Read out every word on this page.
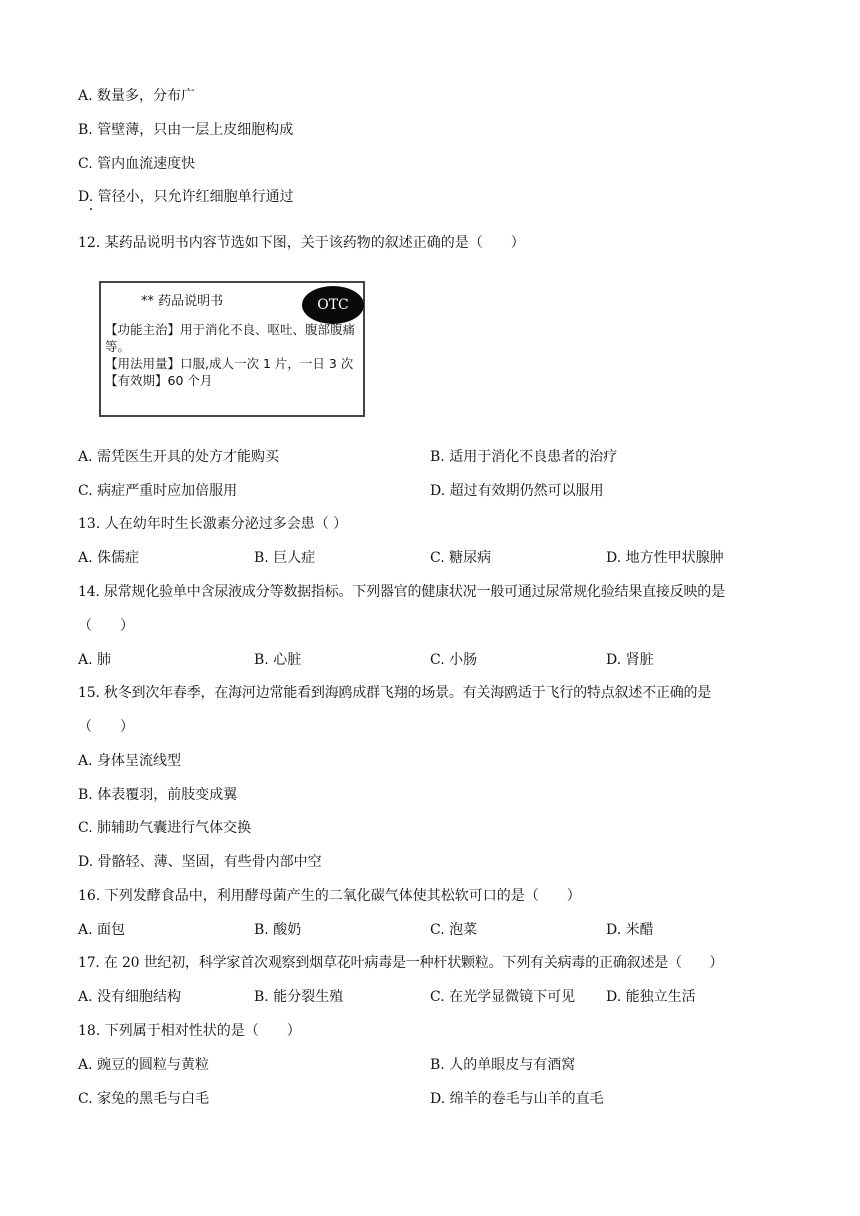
A. 数量多，分布广
B. 管壁薄，只由一层上皮细胞构成
C. 管内血流速度快
D. 管径小，只允许红细胞单行通过
12. 某药品说明书内容节选如下图，关于该药物的叙述正确的是（　　）
** 药品说明书	OTC

【功能主治】用于消化不良、呕吐、腹部腹痛等。

【用法用量】口服,成人一次 1 片，一日 3 次

【有效期】60 个月

A. 需凭医生开具的处方才能购买	B. 适用于消化不良患者的治疗
C. 病症严重时应加倍服用	D. 超过有效期仍然可以服用
13. 人在幼年时生长激素分泌过多会患（ ）
A. 侏儒症	B. 巨人症	C. 糖尿病	D. 地方性甲状腺肿
14. 尿常规化验单中含尿液成分等数据指标。下列器官的健康状况一般可通过尿常规化验结果直接反映的是
（　　）
A. 肺	B. 心脏	C. 小肠	D. 肾脏
15. 秋冬到次年春季，在海河边常能看到海鸥成群飞翔的场景。有关海鸥适于飞行的特点叙述不正确的是
（　　）
A. 身体呈流线型
B. 体表覆羽，前肢变成翼
C. 肺辅助气囊进行气体交换
D. 骨骼轻、薄、坚固，有些骨内部中空
16. 下列发酵食品中，利用酵母菌产生的二氧化碳气体使其松软可口的是（　　）
A. 面包	B. 酸奶	C. 泡菜	D. 米醋
17. 在 20 世纪初，科学家首次观察到烟草花叶病毒是一种杆状颗粒。下列有关病毒的正确叙述是（　　）
A. 没有细胞结构	B. 能分裂生殖	C. 在光学显微镜下可见 D. 能独立生活
18. 下列属于相对性状的是（　　）
A. 豌豆的圆粒与黄粒	B. 人的单眼皮与有酒窝
C. 家兔的黑毛与白毛	D. 绵羊的卷毛与山羊的直毛
